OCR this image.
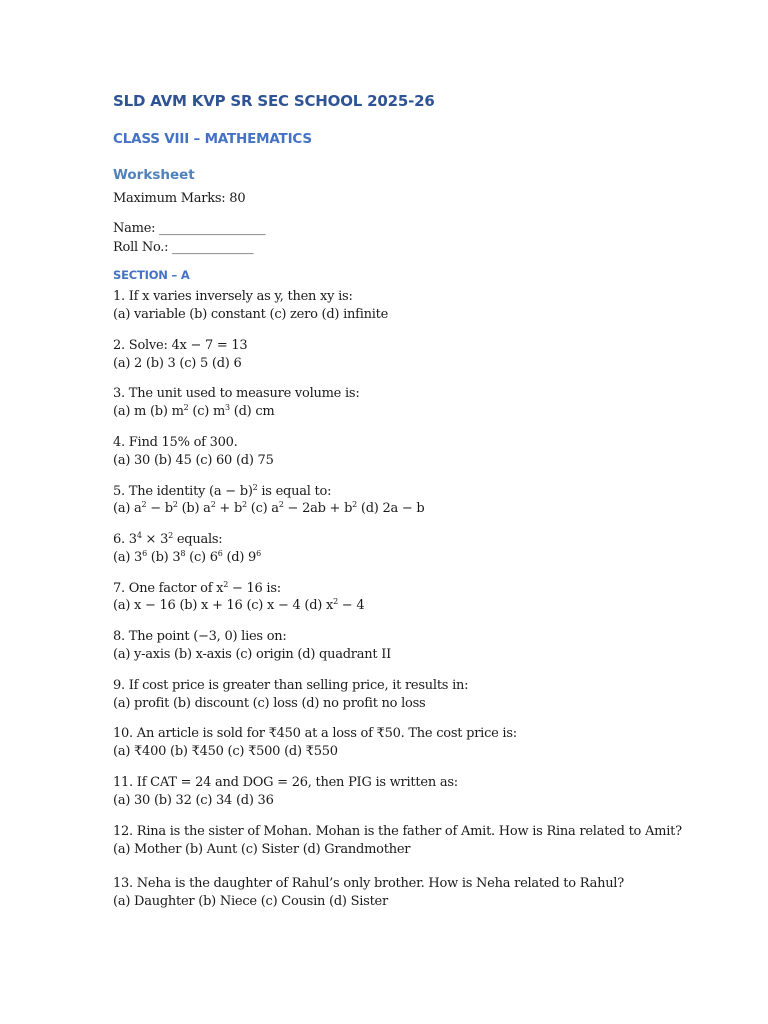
SLD AVM KVP SR SEC SCHOOL 2025-26
CLASS VIII – MATHEMATICS
Worksheet
Maximum Marks: 80
Name: _________________
Roll No.: _____________
SECTION – A
1. If x varies inversely as y, then xy is:
(a) variable (b) constant (c) zero (d) infinite
2. Solve: 4x − 7 = 13
(a) 2 (b) 3 (c) 5 (d) 6
3. The unit used to measure volume is:
(a) m (b) $m^2$ (c) $m^3$ (d) cm
4. Find 15% of 300.
(a) 30 (b) 45 (c) 60 (d) 75
5. The identity $(a - b)^2$ is equal to:
(a) $a^2 - b^2$ (b) $a^2 + b^2$ (c) $a^2 - 2ab + b^2$ (d) 2a − b
6. $3^4 \times 3^2$ equals:
(a) $3^6$ (b) $3^8$ (c) $6^6$ (d) $9^6$
7. One factor of $x^2 - 16$ is:
(a) x − 16 (b) x + 16 (c) x − 4 (d) $x^2 - 4$
8. The point (−3, 0) lies on:
(a) y-axis (b) x-axis (c) origin (d) quadrant II
9. If cost price is greater than selling price, it results in:
(a) profit (b) discount (c) loss (d) no profit no loss
10. An article is sold for ₹450 at a loss of ₹50. The cost price is:
(a) ₹400 (b) ₹450 (c) ₹500 (d) ₹550
11. If CAT = 24 and DOG = 26, then PIG is written as:
(a) 30 (b) 32 (c) 34 (d) 36
12. Rina is the sister of Mohan. Mohan is the father of Amit. How is Rina related to Amit?
(a) Mother (b) Aunt (c) Sister (d) Grandmother
13. Neha is the daughter of Rahul’s only brother. How is Neha related to Rahul?
(a) Daughter (b) Niece (c) Cousin (d) Sister
